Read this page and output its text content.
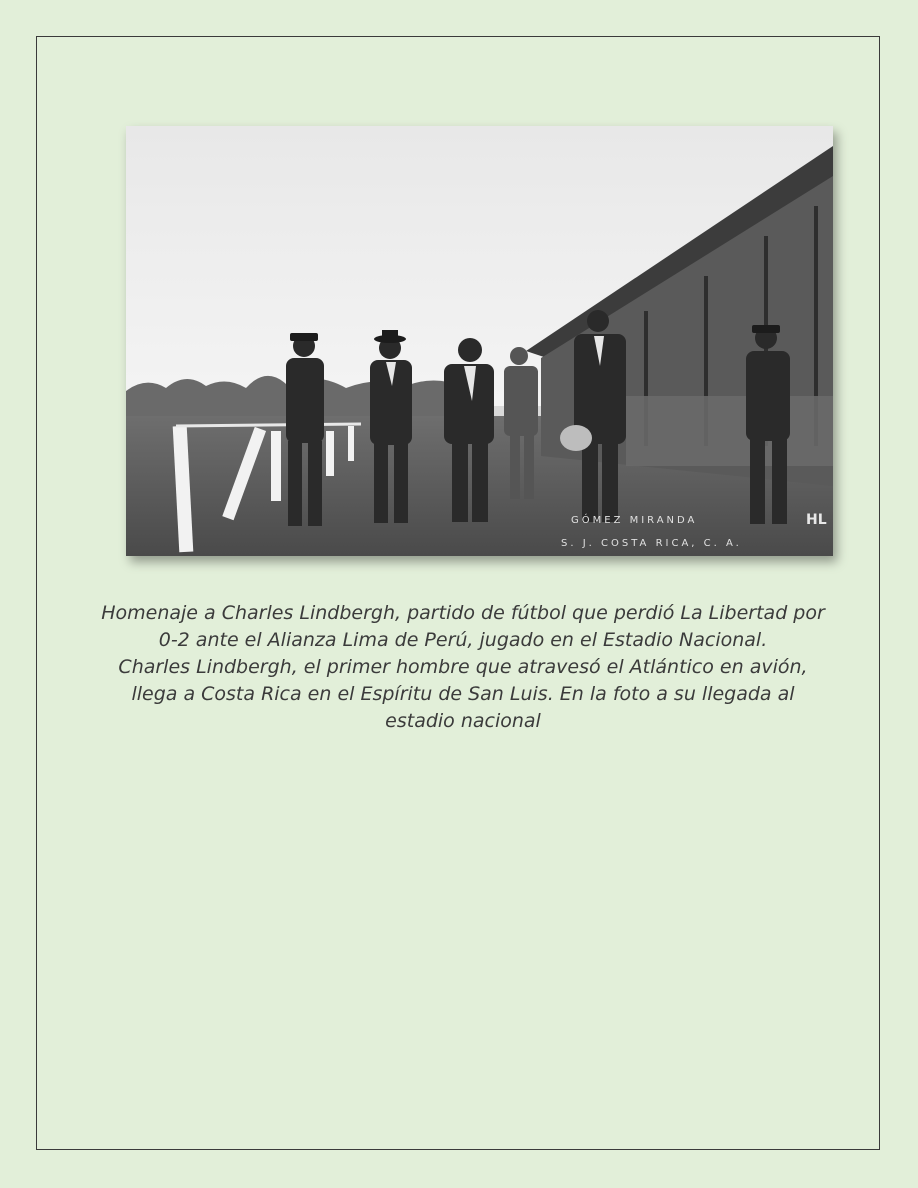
GÓMEZ MIRANDA
S. J. COSTA RICA, C. A.
HL

Homenaje a Charles Lindbergh, partido de fútbol que perdió La Libertad por 0-2 ante el Alianza Lima de Perú, jugado en el Estadio Nacional.

Charles Lindbergh, el primer hombre que atravesó el Atlántico en avión, llega a Costa Rica en el Espíritu de San Luis. En la foto a su llegada al estadio nacional
